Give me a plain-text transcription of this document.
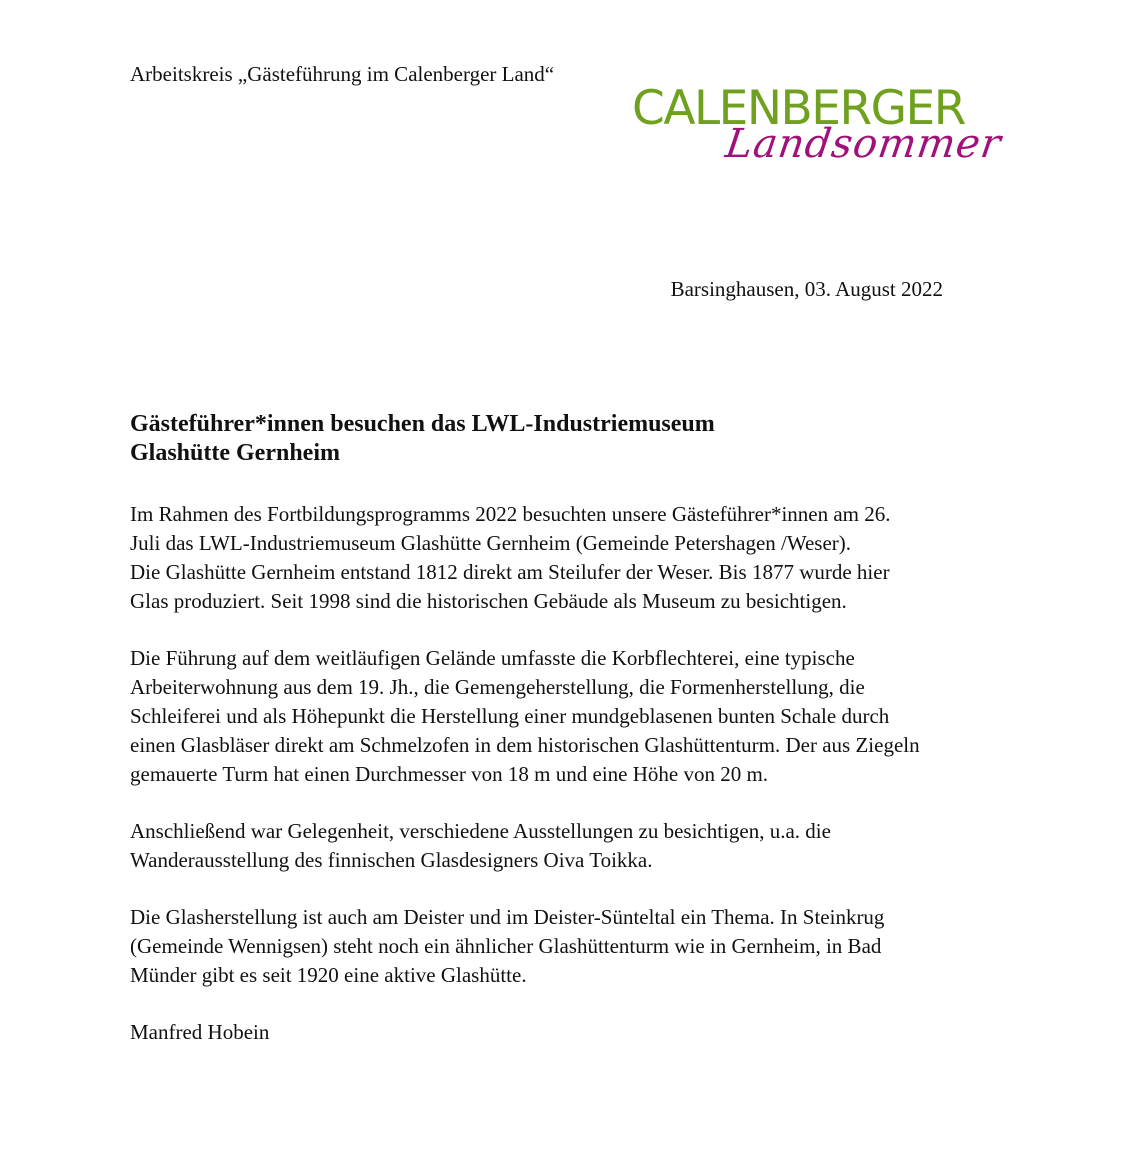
Arbeitskreis „Gästeführung im Calenberger Land“
CALENBERGER
Landsommer
Barsinghausen, 03. August 2022
Gästeführer*innen besuchen das LWL-Industriemuseum
Glashütte Gernheim

Im Rahmen des Fortbildungsprogramms 2022 besuchten unsere Gästeführer*innen am 26.
Juli das LWL-Industriemuseum Glashütte Gernheim (Gemeinde Petershagen /Weser).
Die Glashütte Gernheim entstand 1812 direkt am Steilufer der Weser. Bis 1877 wurde hier
Glas produziert. Seit 1998 sind die historischen Gebäude als Museum zu besichtigen.

Die Führung auf dem weitläufigen Gelände umfasste die Korbflechterei, eine typische
Arbeiterwohnung aus dem 19. Jh., die Gemengeherstellung, die Formenherstellung, die
Schleiferei und als Höhepunkt die Herstellung einer mundgeblasenen bunten Schale durch
einen Glasbläser direkt am Schmelzofen in dem historischen Glashüttenturm. Der aus Ziegeln
gemauerte Turm hat einen Durchmesser von 18 m und eine Höhe von 20 m.

Anschließend war Gelegenheit, verschiedene Ausstellungen zu besichtigen, u.a. die
Wanderausstellung des finnischen Glasdesigners Oiva Toikka.

Die Glasherstellung ist auch am Deister und im Deister-Sünteltal ein Thema. In Steinkrug
(Gemeinde Wennigsen) steht noch ein ähnlicher Glashüttenturm wie in Gernheim, in Bad
Münder gibt es seit 1920 eine aktive Glashütte.

Manfred Hobein
